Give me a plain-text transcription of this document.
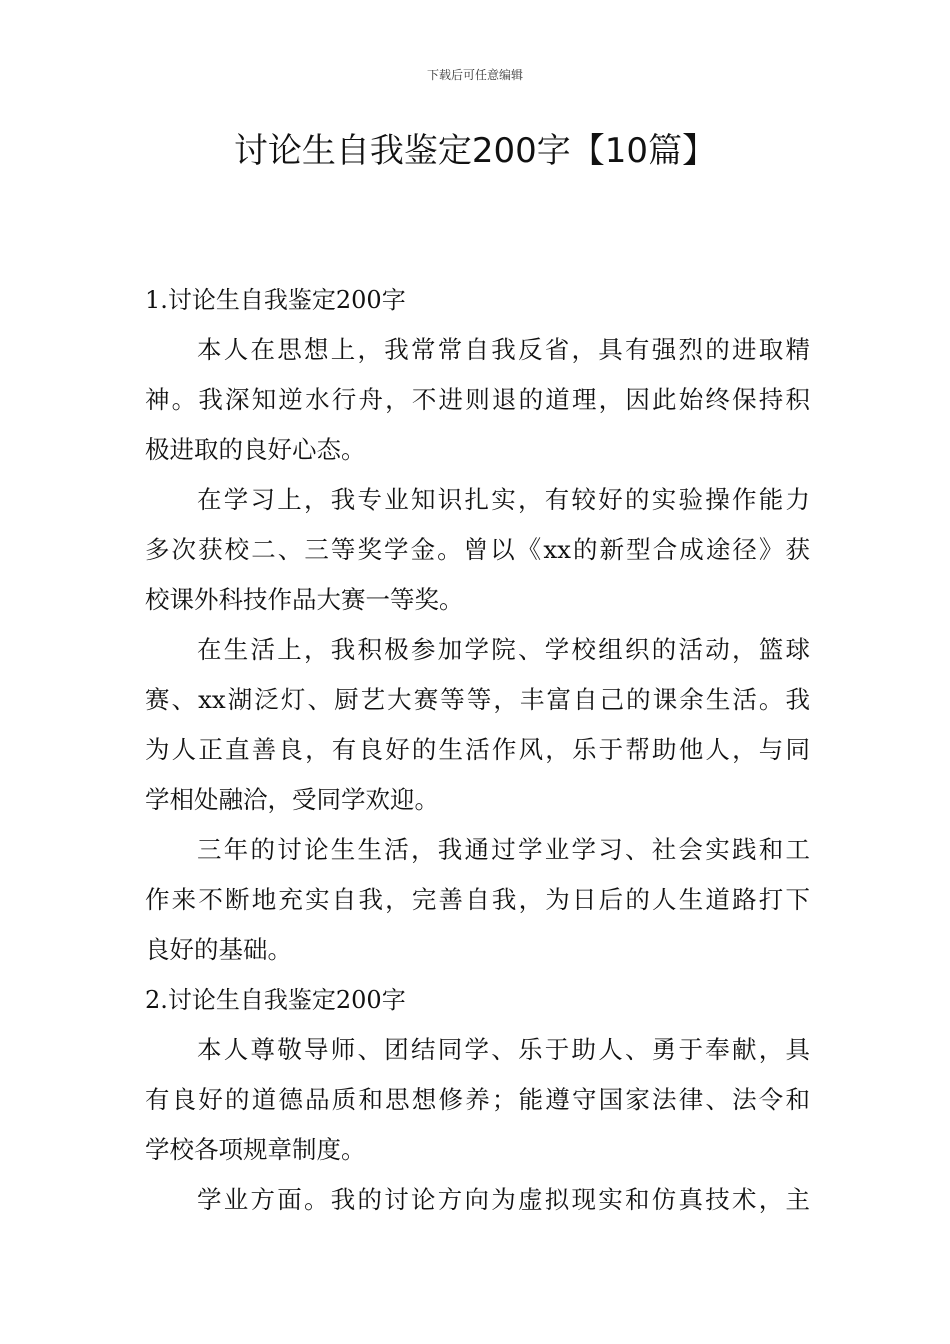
下载后可任意编辑
讨论生自我鉴定200字【10篇】
1.讨论生自我鉴定200字
本人在思想上，我常常自我反省，具有强烈的进取精
神。我深知逆水行舟，不进则退的道理，因此始终保持积
极进取的良好心态。
在学习上，我专业知识扎实，有较好的实验操作能力
多次获校二、三等奖学金。曾以《xx的新型合成途径》获
校课外科技作品大赛一等奖。
在生活上，我积极参加学院、学校组织的活动，篮球
赛、xx湖泛灯、厨艺大赛等等，丰富自己的课余生活。我
为人正直善良，有良好的生活作风，乐于帮助他人，与同
学相处融洽，受同学欢迎。
三年的讨论生生活，我通过学业学习、社会实践和工
作来不断地充实自我，完善自我，为日后的人生道路打下
良好的基础。
2.讨论生自我鉴定200字
本人尊敬导师、团结同学、乐于助人、勇于奉献，具
有良好的道德品质和思想修养；能遵守国家法律、法令和
学校各项规章制度。
学业方面。我的讨论方向为虚拟现实和仿真技术，主
